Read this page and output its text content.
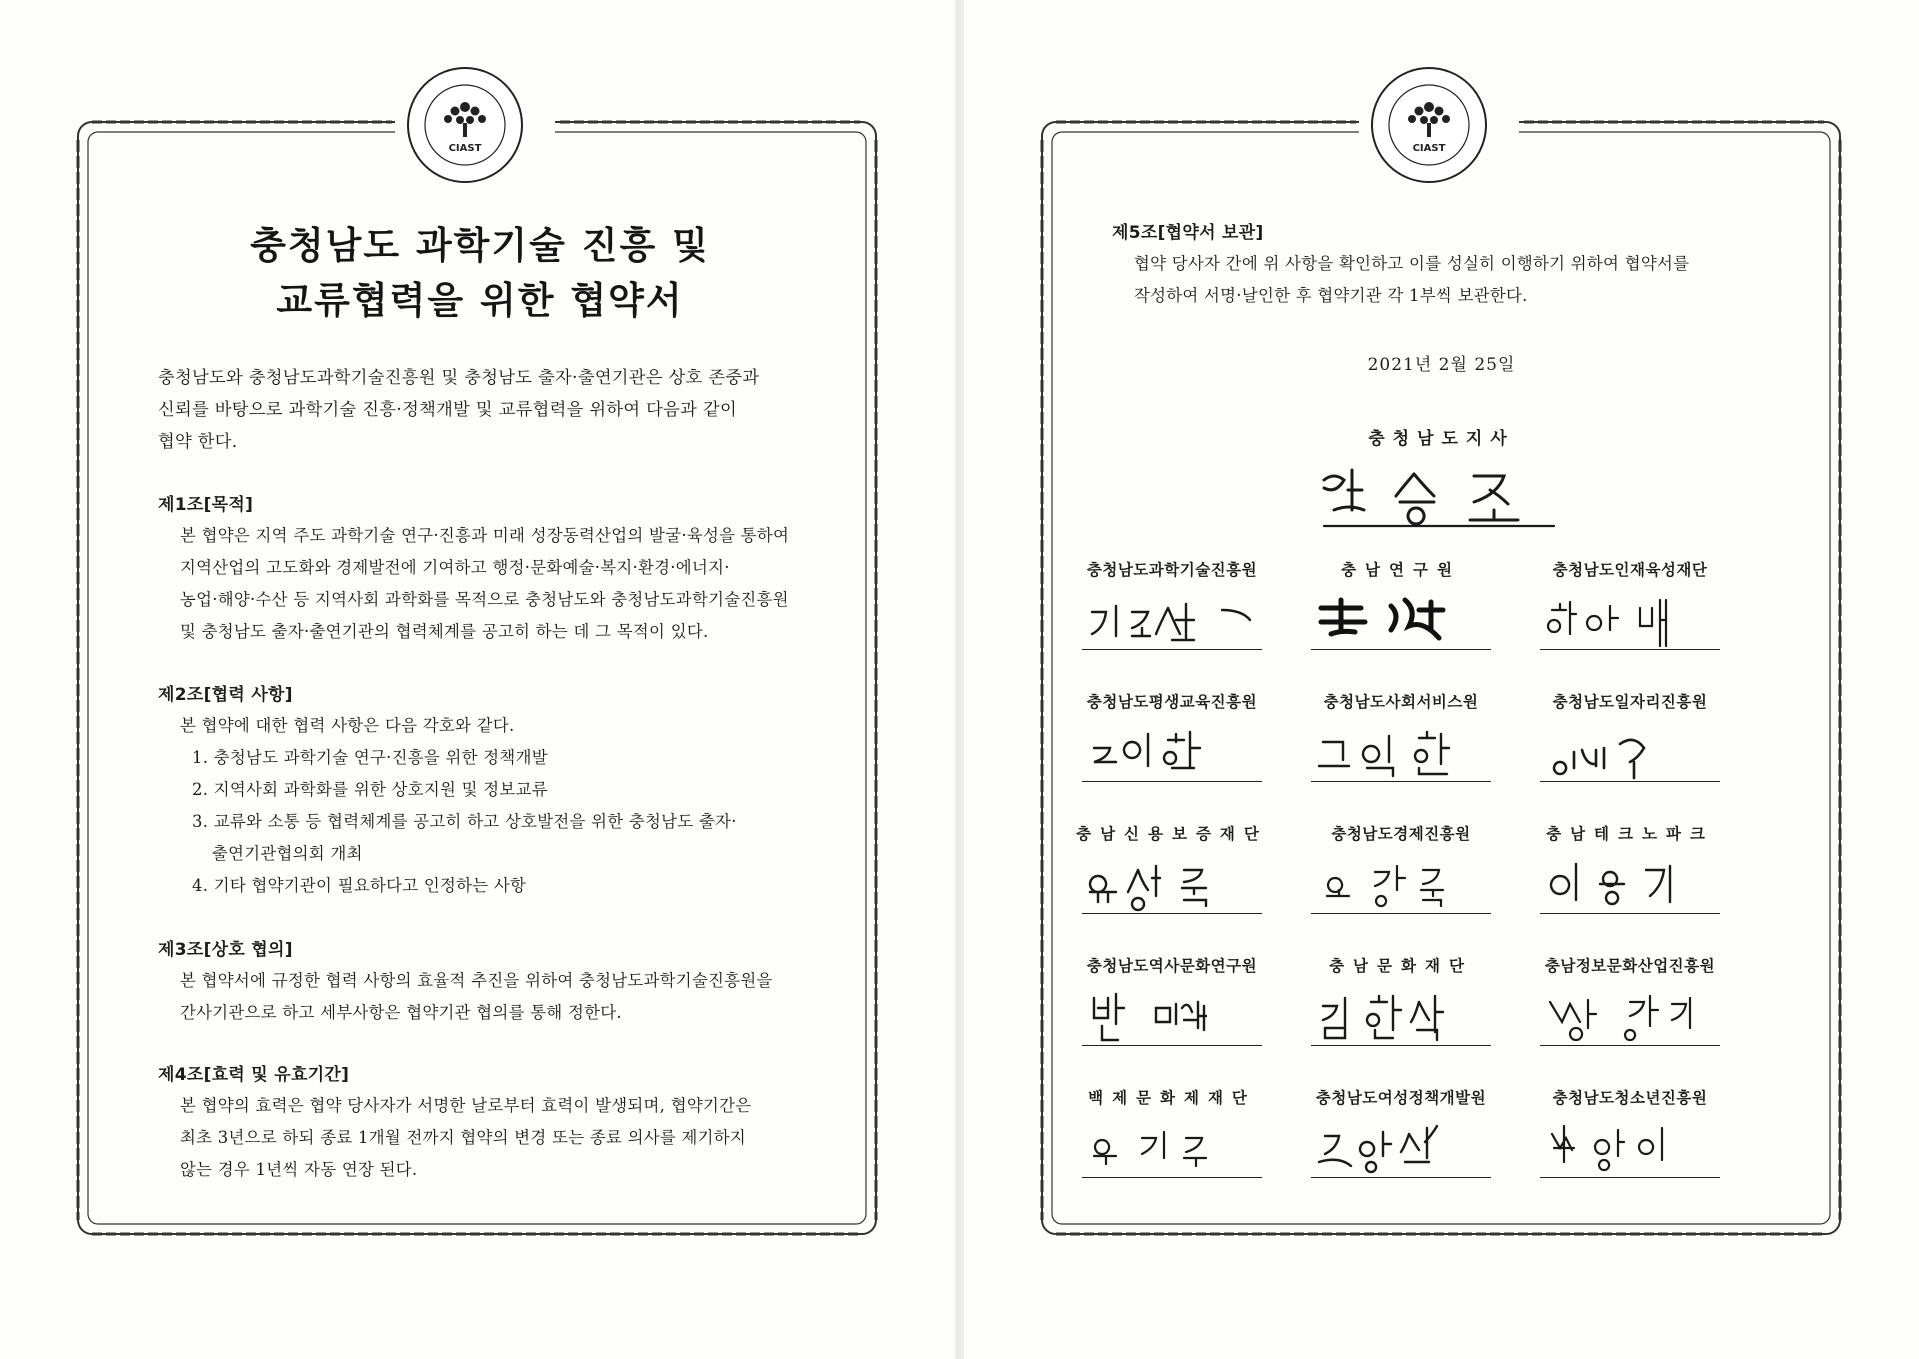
CIAST
충청남도 과학기술 진흥 및
교류협력을 위한 협약서
충청남도와 충청남도과학기술진흥원 및 충청남도 출자·출연기관은 상호 존중과
신뢰를 바탕으로 과학기술 진흥·정책개발 및 교류협력을 위하여 다음과 같이
협약 한다.
제1조[목적]
본 협약은 지역 주도 과학기술 연구·진흥과 미래 성장동력산업의 발굴·육성을 통하여
지역산업의 고도화와 경제발전에 기여하고 행정·문화예술·복지·환경·에너지·
농업·해양·수산 등 지역사회 과학화를 목적으로 충청남도와 충청남도과학기술진흥원
및 충청남도 출자·출연기관의 협력체계를 공고히 하는 데 그 목적이 있다.
제2조[협력 사항]
본 협약에 대한 협력 사항은 다음 각호와 같다.
1. 충청남도 과학기술 연구·진흥을 위한 정책개발
2. 지역사회 과학화를 위한 상호지원 및 정보교류
3. 교류와 소통 등 협력체계를 공고히 하고 상호발전을 위한 충청남도 출자·
출연기관협의회 개최
4. 기타 협약기관이 필요하다고 인정하는 사항
제3조[상호 협의]
본 협약서에 규정한 협력 사항의 효율적 추진을 위하여 충청남도과학기술진흥원을
간사기관으로 하고 세부사항은 협약기관 협의를 통해 정한다.
제4조[효력 및 유효기간]
본 협약의 효력은 협약 당사자가 서명한 날로부터 효력이 발생되며, 협약기간은
최초 3년으로 하되 종료 1개월 전까지 협약의 변경 또는 종료 의사를 제기하지
않는 경우 1년씩 자동 연장 된다.
CIAST
제5조[협약서 보관]
협약 당사자 간에 위 사항을 확인하고 이를 성실히 이행하기 위하여 협약서를
작성하여 서명·날인한 후 협약기관 각 1부씩 보관한다.
2021년 2월 25일
충청남도지사
충청남도과학기술진흥원	충남연구원	충청남도인재육성재단
충청남도평생교육진흥원	충청남도사회서비스원	충청남도일자리진흥원
충남신용보증재단	충청남도경제진흥원	충남테크노파크
충청남도역사문화연구원	충남문화재단	충남정보문화산업진흥원
백제문화제재단	충청남도여성정책개발원	충청남도청소년진흥원
